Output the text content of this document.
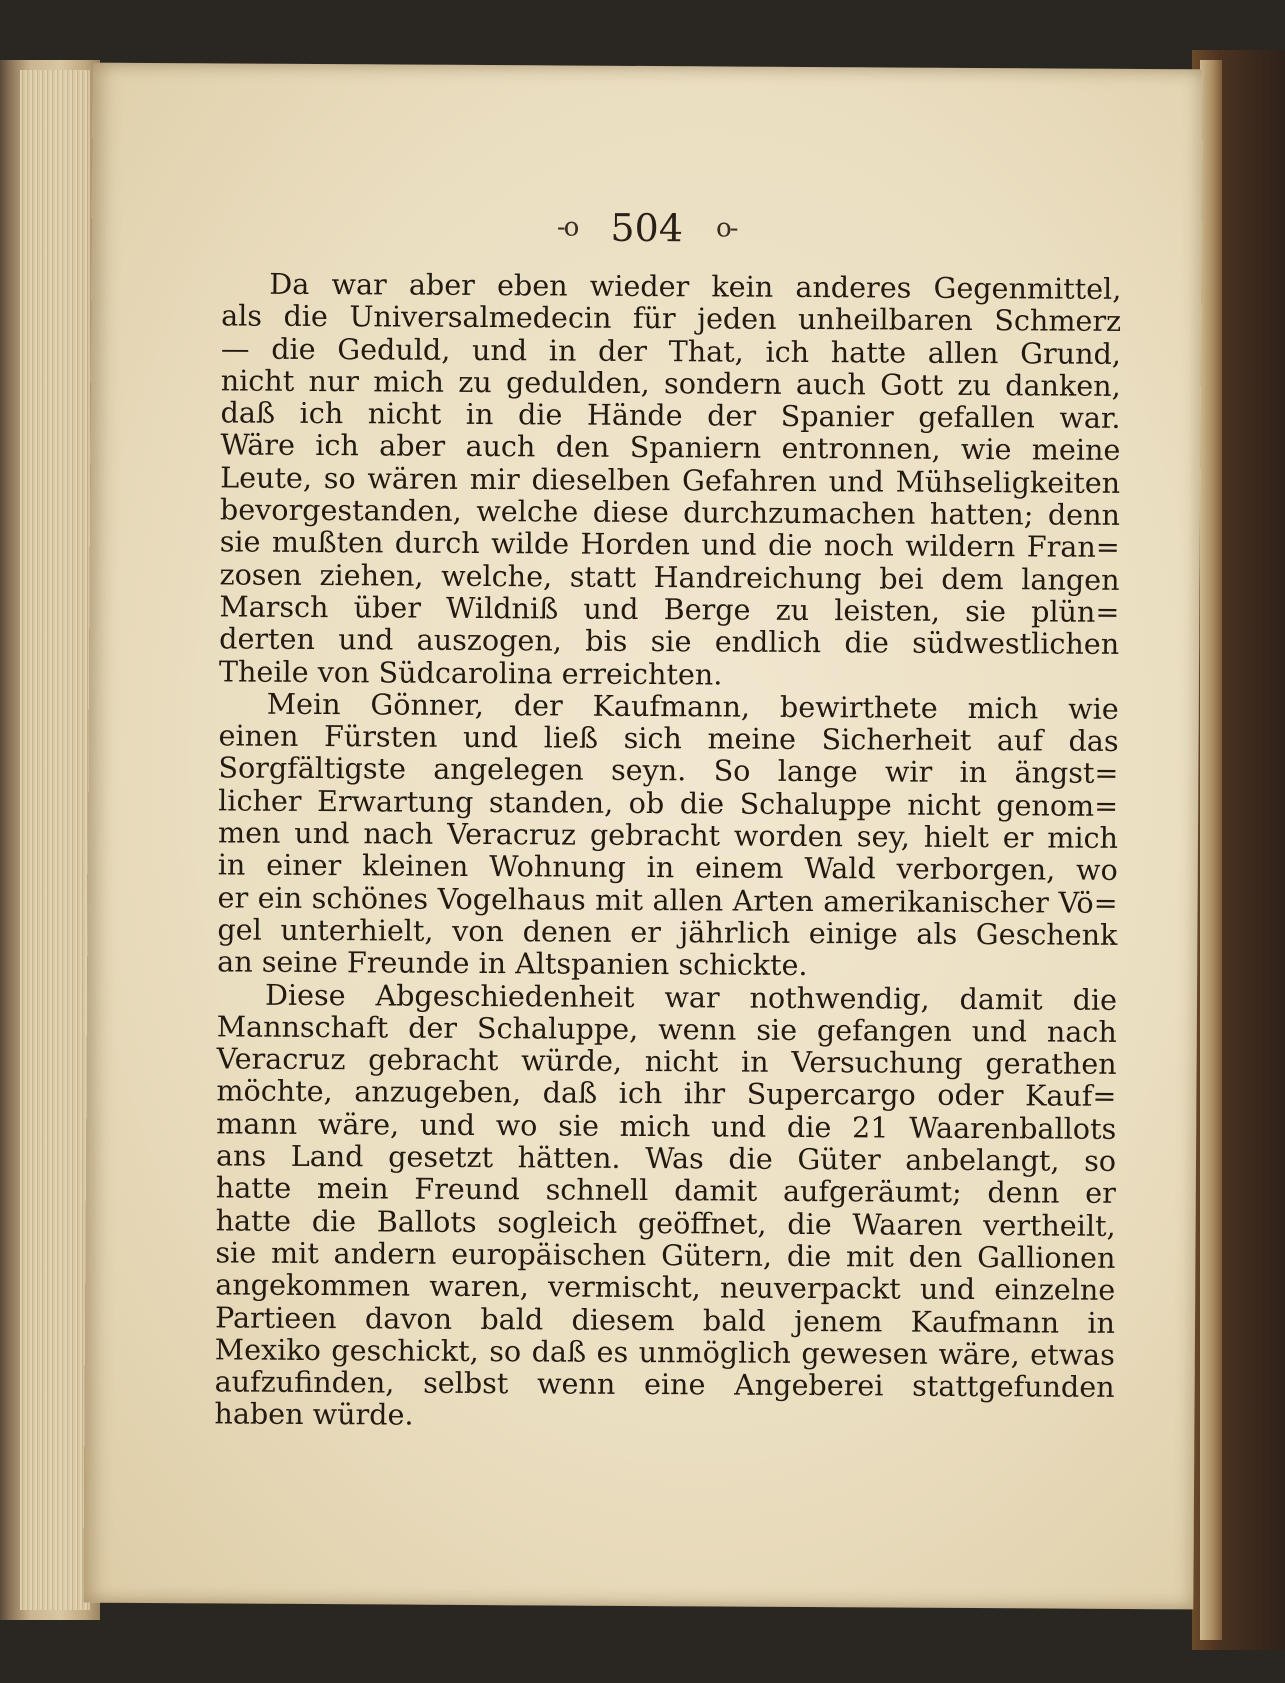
-o 504 o-
Da war aber eben wieder kein anderes Gegenmittel,
als die Universalmedecin für jeden unheilbaren Schmerz
— die Geduld, und in der That, ich hatte allen Grund,
nicht nur mich zu gedulden, sondern auch Gott zu danken,
daß ich nicht in die Hände der Spanier gefallen war.
Wäre ich aber auch den Spaniern entronnen, wie meine
Leute, so wären mir dieselben Gefahren und Mühseligkeiten
bevorgestanden, welche diese durchzumachen hatten; denn
sie mußten durch wilde Horden und die noch wildern Fran=
zosen ziehen, welche, statt Handreichung bei dem langen
Marsch über Wildniß und Berge zu leisten, sie plün=
derten und auszogen, bis sie endlich die südwestlichen
Theile von Südcarolina erreichten.
Mein Gönner, der Kaufmann, bewirthete mich wie
einen Fürsten und ließ sich meine Sicherheit auf das
Sorgfältigste angelegen seyn. So lange wir in ängst=
licher Erwartung standen, ob die Schaluppe nicht genom=
men und nach Veracruz gebracht worden sey, hielt er mich
in einer kleinen Wohnung in einem Wald verborgen, wo
er ein schönes Vogelhaus mit allen Arten amerikanischer Vö=
gel unterhielt, von denen er jährlich einige als Geschenk
an seine Freunde in Altspanien schickte.
Diese Abgeschiedenheit war nothwendig, damit die
Mannschaft der Schaluppe, wenn sie gefangen und nach
Veracruz gebracht würde, nicht in Versuchung gerathen
möchte, anzugeben, daß ich ihr Supercargo oder Kauf=
mann wäre, und wo sie mich und die 21 Waarenballots
ans Land gesetzt hätten. Was die Güter anbelangt, so
hatte mein Freund schnell damit aufgeräumt; denn er
hatte die Ballots sogleich geöffnet, die Waaren vertheilt,
sie mit andern europäischen Gütern, die mit den Gallionen
angekommen waren, vermischt, neuverpackt und einzelne
Partieen davon bald diesem bald jenem Kaufmann in
Mexiko geschickt, so daß es unmöglich gewesen wäre, etwas
aufzufinden, selbst wenn eine Angeberei stattgefunden
haben würde.
